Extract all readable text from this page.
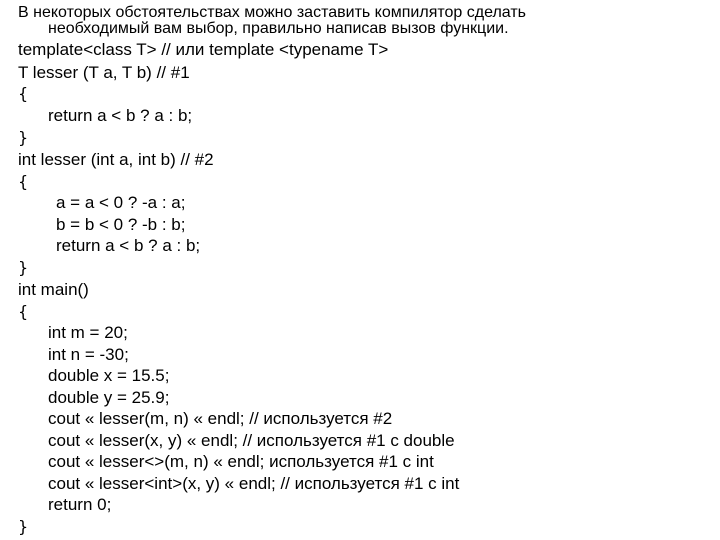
В некоторых обстоятельствах можно заставить компилятор сделать
необходимый вам выбор, правильно написав вызов функции.
template<class T> // или template <typename T>
T lesser (T a, T b) // #1
{
return a < b ? a : b;
}
int lesser (int a, int b) // #2
{
a = a < 0 ? -a : a;
b = b < 0 ? -b : b;
return a < b ? a : b;
}
int main()
{
int m = 20;
int n = -30;
double x = 15.5;
double y = 25.9;
cout « lesser(m, n) « endl; // используется #2
cout « lesser(x, y) « endl; // используется #1 с double
cout « lesser<>(m, n) « endl; используется #1 с int
cout « lesser<int>(x, y) « endl; // используется #1 с int
return 0;
}
